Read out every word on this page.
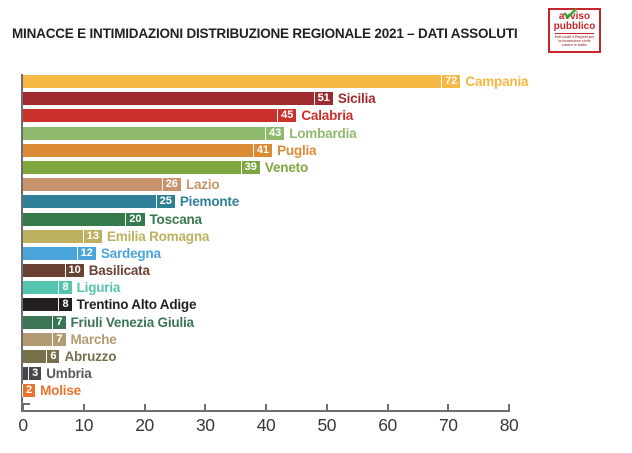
MINACCE E INTIMIDAZIONI DISTRIBUZIONE REGIONALE 2021 – DATI ASSOLUTI
avviso
pubblico
Enti locali e Regioni per la formazione civile contro le mafie
72 Campania
51 Sicilia
45 Calabria
43 Lombardia
41 Puglia
39 Veneto
26 Lazio
25 Piemonte
20 Toscana
13 Emilia Romagna
12 Sardegna
10 Basilicata
8 Liguria
8 Trentino Alto Adige
7 Friuli Venezia Giulia
7 Marche
6 Abruzzo
3 Umbria
2 Molise
0	10	20	30	40	50	60	70	80
